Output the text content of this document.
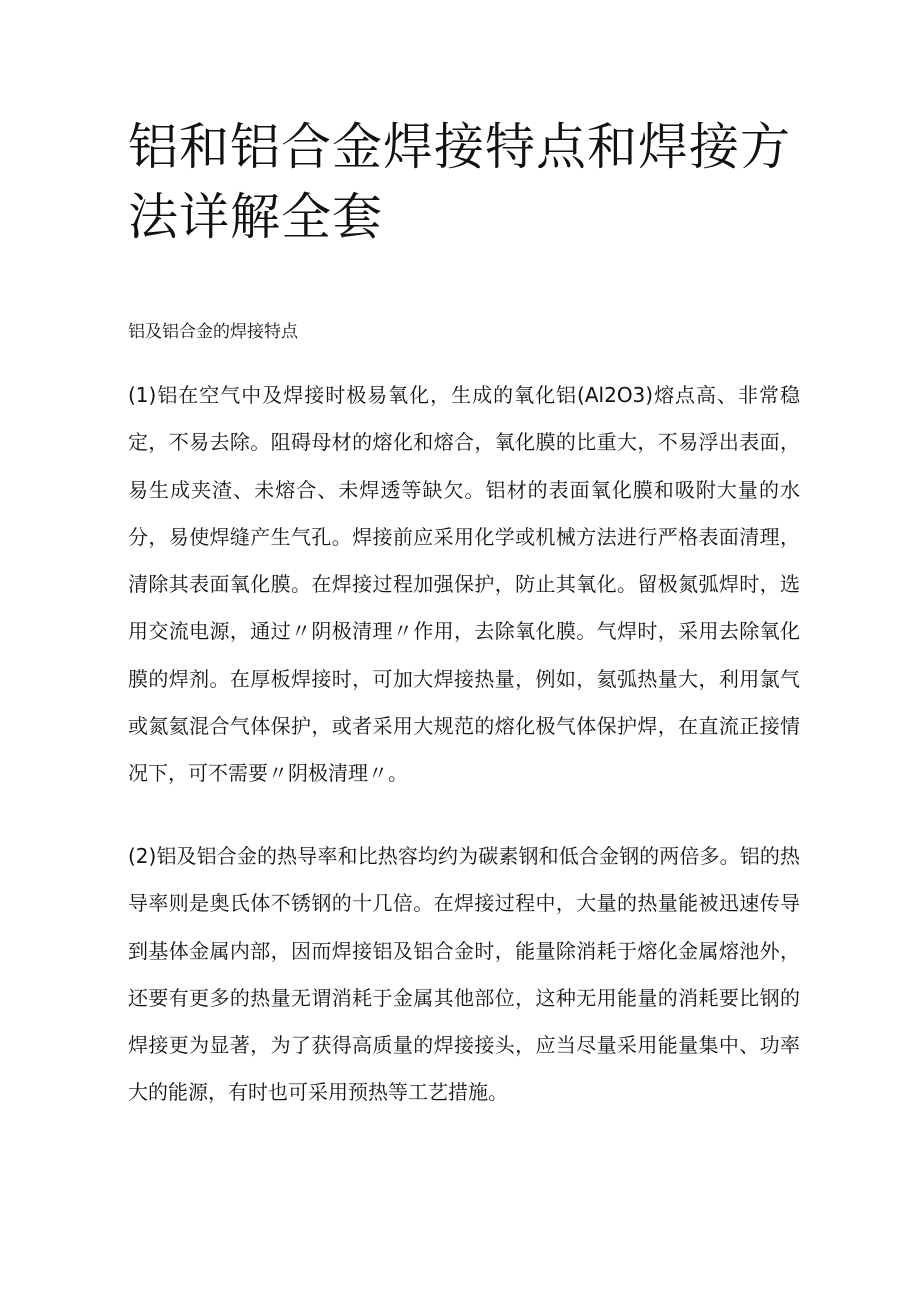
铝和铝合金焊接特点和焊接方法详解全套

铝及铝合金的焊接特点

(1)铝在空气中及焊接时极易氧化，生成的氧化铝(Al2O3)熔点高、非常稳定，不易去除。阻碍母材的熔化和熔合，氧化膜的比重大，不易浮出表面，易生成夹渣、未熔合、未焊透等缺欠。铝材的表面氧化膜和吸附大量的水分，易使焊缝产生气孔。焊接前应采用化学或机械方法进行严格表面清理，清除其表面氧化膜。在焊接过程加强保护，防止其氧化。留极氮弧焊时，选用交流电源，通过〃阴极清理〃作用，去除氧化膜。气焊时，采用去除氧化膜的焊剂。在厚板焊接时，可加大焊接热量，例如，氦弧热量大，利用氯气或氮氦混合气体保护，或者采用大规范的熔化极气体保护焊，在直流正接情况下，可不需要〃阴极清理〃。

(2)铝及铝合金的热导率和比热容均约为碳素钢和低合金钢的两倍多。铝的热导率则是奥氏体不锈钢的十几倍。在焊接过程中，大量的热量能被迅速传导到基体金属内部，因而焊接铝及铝合金时，能量除消耗于熔化金属熔池外，还要有更多的热量无谓消耗于金属其他部位，这种无用能量的消耗要比钢的焊接更为显著，为了获得高质量的焊接接头，应当尽量采用能量集中、功率大的能源，有时也可采用预热等工艺措施。
